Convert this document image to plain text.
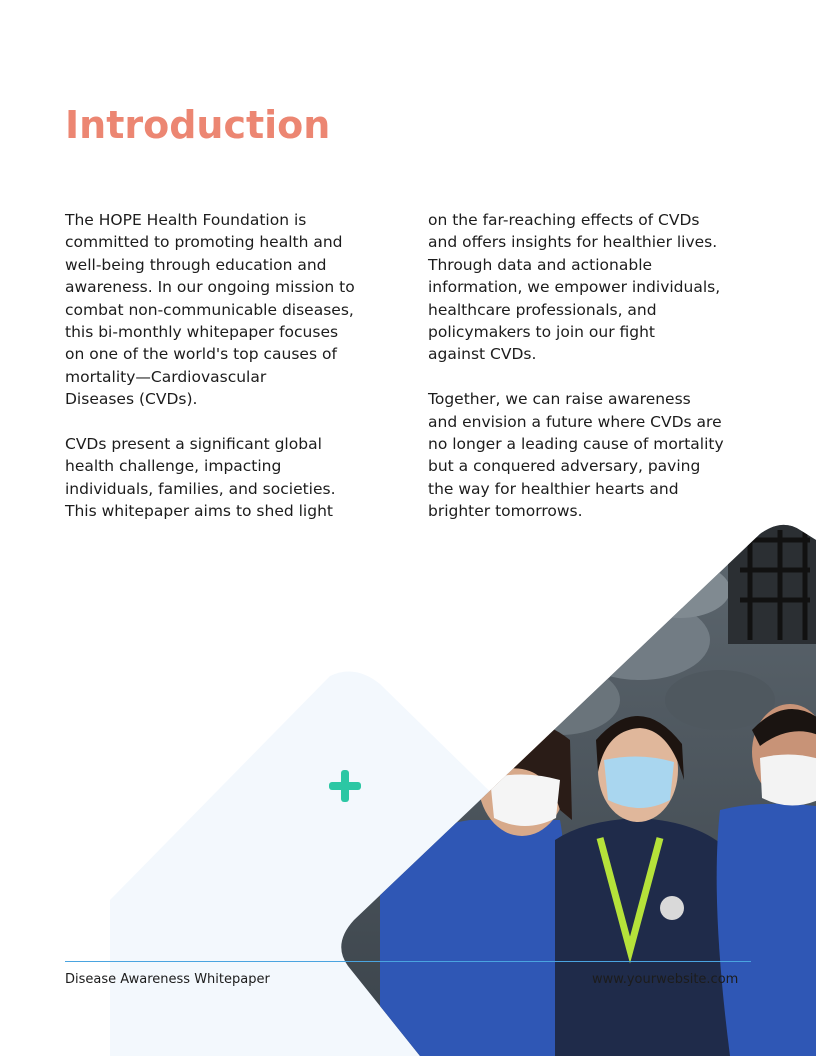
Introduction

The HOPE Health Foundation is
committed to promoting health and
well-being through education and
awareness. In our ongoing mission to
combat non-communicable diseases,
this bi-monthly whitepaper focuses
on one of the world's top causes of
mortality—Cardiovascular
Diseases (CVDs).

CVDs present a significant global
health challenge, impacting
individuals, families, and societies.
This whitepaper aims to shed light

on the far-reaching effects of CVDs
and offers insights for healthier lives.
Through data and actionable
information, we empower individuals,
healthcare professionals, and
policymakers to join our fight
against CVDs.

Together, we can raise awareness
and envision a future where CVDs are
no longer a leading cause of mortality
but a conquered adversary, paving
the way for healthier hearts and
brighter tomorrows.

Disease Awareness Whitepaper	www.yourwebsite.com
